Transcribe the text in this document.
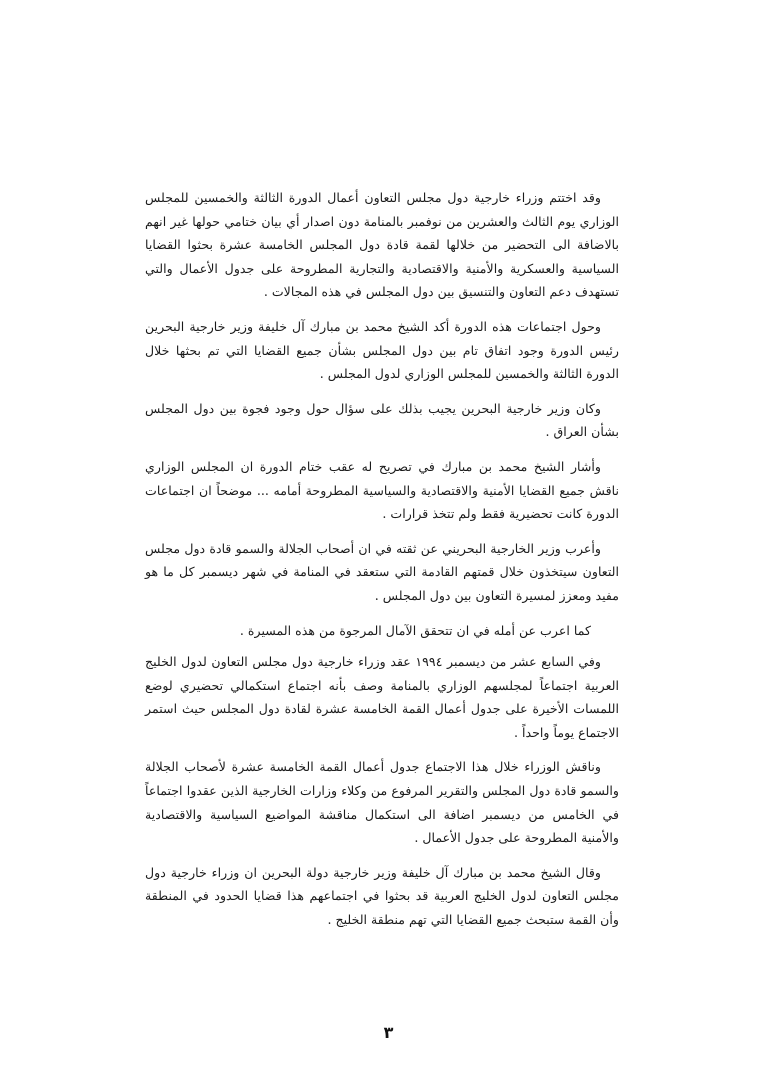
وقد اختتم وزراء خارجية دول مجلس التعاون أعمال الدورة الثالثة والخمسين للمجلس الوزاري يوم الثالث والعشرين من نوفمبر بالمنامة دون اصدار أي بيان ختامي حولها غير انهم بالاضافة الى التحضير من خلالها لقمة قادة دول المجلس الخامسة عشرة بحثوا القضايا السياسية والعسكرية والأمنية والاقتصادية والتجارية المطروحة على جدول الأعمال والتي تستهدف دعم التعاون والتنسيق بين دول المجلس في هذه المجالات .

وحول اجتماعات هذه الدورة أكد الشيخ محمد بن مبارك آل خليفة وزير خارجية البحرين رئيس الدورة وجود اتفاق تام بين دول المجلس بشأن جميع القضايا التي تم بحثها خلال الدورة الثالثة والخمسين للمجلس الوزاري لدول المجلس .

وكان وزير خارجية البحرين يجيب بذلك على سؤال حول وجود فجوة بين دول المجلس بشأن العراق .

وأشار الشيخ محمد بن مبارك في تصريح له عقب ختام الدورة ان المجلس الوزاري ناقش جميع القضايا الأمنية والاقتصادية والسياسية المطروحة أمامه ... موضحاً ان اجتماعات الدورة كانت تحضيرية فقط ولم تتخذ قرارات .

وأعرب وزير الخارجية البحريني عن ثقته في ان أصحاب الجلالة والسمو قادة دول مجلس التعاون سيتخذون خلال قمتهم القادمة التي ستعقد في المنامة في شهر ديسمبر كل ما هو مفيد ومعزز لمسيرة التعاون بين دول المجلس .

كما اعرب عن أمله في ان تتحقق الآمال المرجوة من هذه المسيرة .

وفي السابع عشر من ديسمبر ١٩٩٤ عقد وزراء خارجية دول مجلس التعاون لدول الخليج العربية اجتماعاً لمجلسهم الوزاري بالمنامة وصف بأنه اجتماع استكمالي تحضيري لوضع اللمسات الأخيرة على جدول أعمال القمة الخامسة عشرة لقادة دول المجلس حيث استمر الاجتماع يوماً واحداً .

وناقش الوزراء خلال هذا الاجتماع جدول أعمال القمة الخامسة عشرة لأصحاب الجلالة والسمو قادة دول المجلس والتقرير المرفوع من وكلاء وزارات الخارجية الذين عقدوا اجتماعاً في الخامس من ديسمبر اضافة الى استكمال مناقشة المواضيع السياسية والاقتصادية والأمنية المطروحة على جدول الأعمال .

وقال الشيخ محمد بن مبارك آل خليفة وزير خارجية دولة البحرين ان وزراء خارجية دول مجلس التعاون لدول الخليج العربية قد بحثوا في اجتماعهم هذا قضايا الحدود في المنطقة وأن القمة ستبحث جميع القضايا التي تهم منطقة الخليج .

٣
